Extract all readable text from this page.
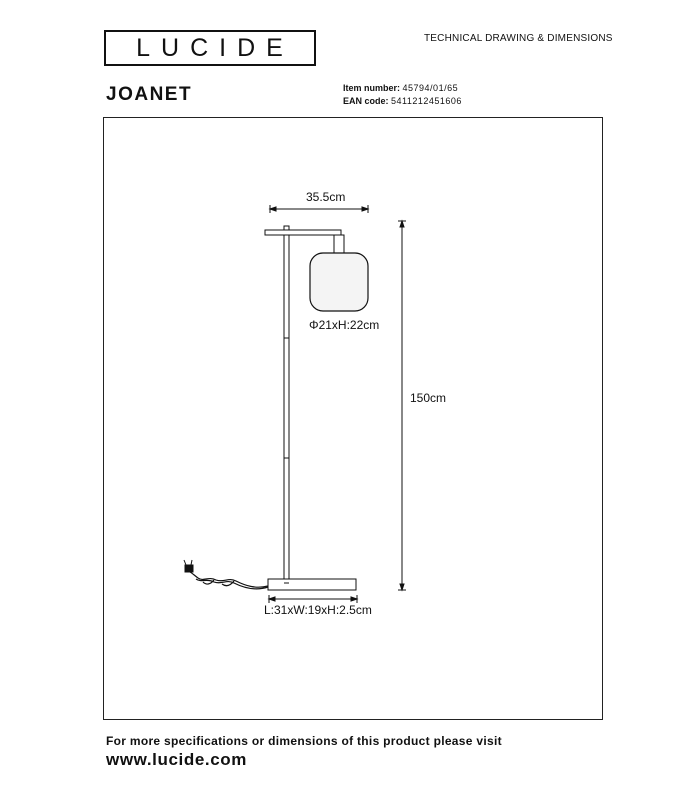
LUCIDE	TECHNICAL DRAWING & DIMENSIONS
JOANET	Item number: 45794/01/65
EAN code: 5411212451606
35.5cm
Φ21xH:22cm
150cm
L:31xW:19xH:2.5cm
For more specifications or dimensions of this product please visit
www.lucide.com
